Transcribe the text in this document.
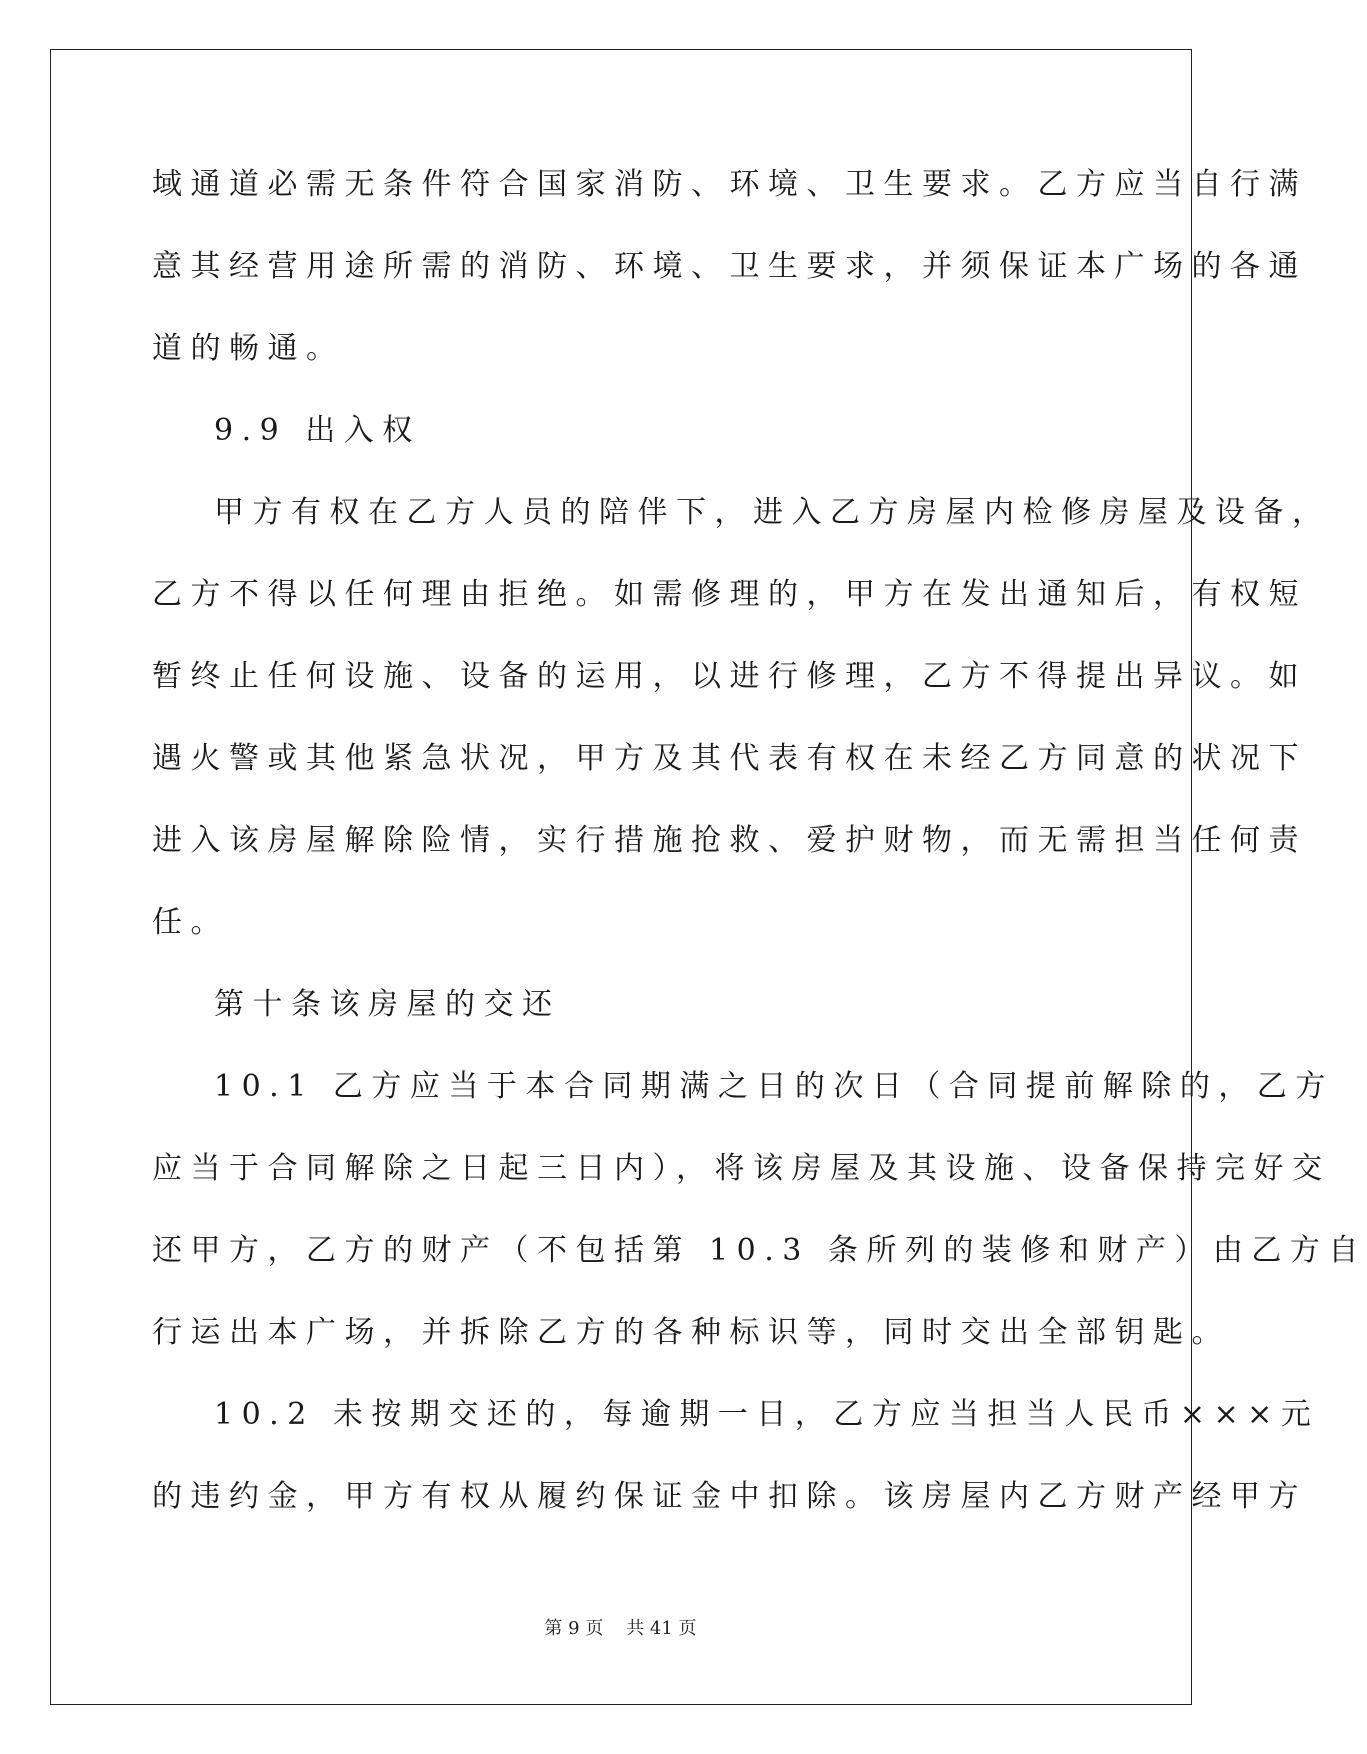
域通道必需无条件符合国家消防、环境、卫生要求。乙方应当自行满
意其经营用途所需的消防、环境、卫生要求，并须保证本广场的各通
道的畅通。
9.9 出入权
甲方有权在乙方人员的陪伴下，进入乙方房屋内检修房屋及设备，
乙方不得以任何理由拒绝。如需修理的，甲方在发出通知后，有权短
暂终止任何设施、设备的运用，以进行修理，乙方不得提出异议。如
遇火警或其他紧急状况，甲方及其代表有权在未经乙方同意的状况下
进入该房屋解除险情，实行措施抢救、爱护财物，而无需担当任何责
任。
第十条该房屋的交还
10.1 乙方应当于本合同期满之日的次日（合同提前解除的，乙方
应当于合同解除之日起三日内），将该房屋及其设施、设备保持完好交
还甲方，乙方的财产（不包括第 10.3 条所列的装修和财产）由乙方自
行运出本广场，并拆除乙方的各种标识等，同时交出全部钥匙。
10.2 未按期交还的，每逾期一日，乙方应当担当人民币×××元
的违约金，甲方有权从履约保证金中扣除。该房屋内乙方财产经甲方
第 9 页    共 41 页
